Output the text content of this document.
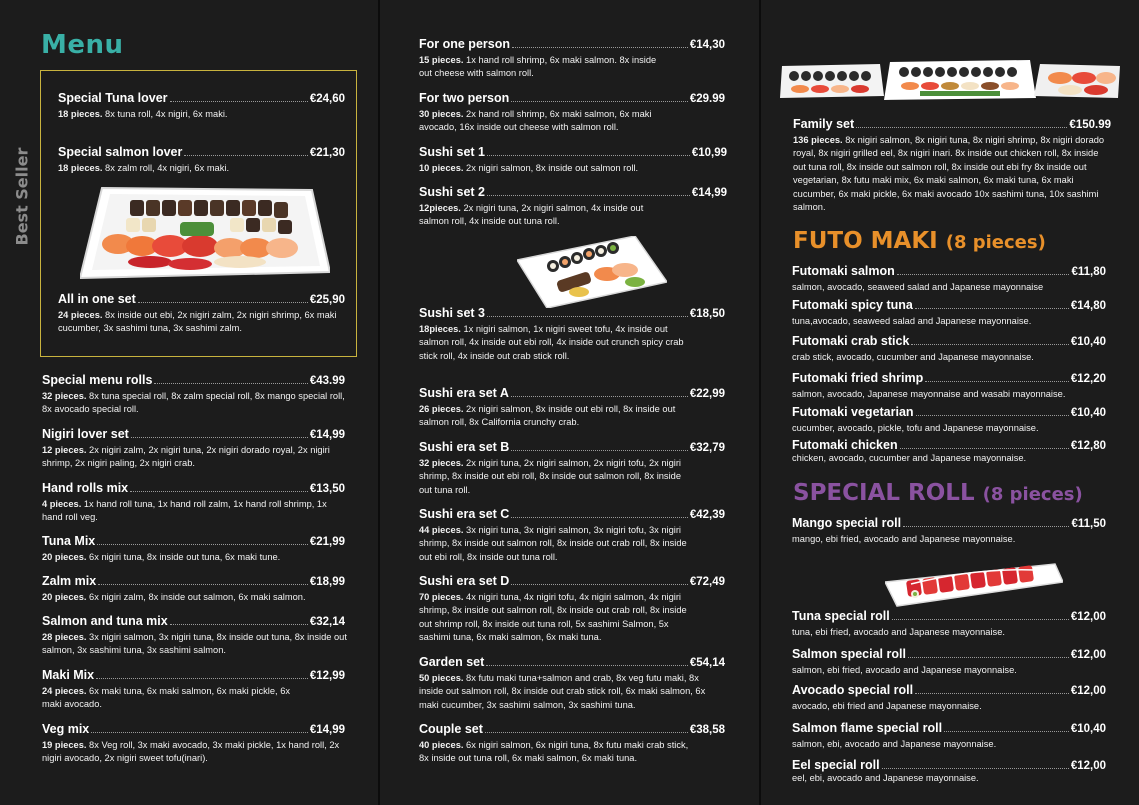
Menu
Best Seller
Special Tuna lover	€24,60
18 pieces. 8x tuna roll, 4x nigiri, 6x maki.
Special salmon lover	€21,30
18 pieces. 8x zalm roll, 4x nigiri, 6x maki.
All in one set	€25,90
24 pieces. 8x inside out ebi, 2x nigiri zalm, 2x nigiri shrimp, 6x maki cucumber, 3x sashimi tuna, 3x sashimi zalm.
Special menu rolls	€43.99
32 pieces. 8x tuna special roll, 8x zalm special roll, 8x mango special roll, 8x avocado special roll.
Nigiri lover set	€14,99
12 pieces. 2x nigiri zalm, 2x nigiri tuna, 2x nigiri dorado royal, 2x nigiri shrimp, 2x nigiri paling, 2x nigiri crab.
Hand rolls mix	€13,50
4 pieces. 1x hand roll tuna, 1x hand roll zalm, 1x hand roll shrimp, 1x hand roll veg.
Tuna Mix	€21,99
20 pieces. 6x nigiri tuna, 8x inside out tuna, 6x maki tune.
Zalm mix	€18,99
20 pieces. 6x nigiri zalm, 8x inside out salmon, 6x maki salmon.
Salmon and tuna mix	€32,14
28 pieces. 3x nigiri salmon, 3x nigiri tuna, 8x inside out tuna, 8x inside out salmon, 3x sashimi tuna, 3x sashimi salmon.
Maki Mix	€12,99
24 pieces. 6x maki tuna, 6x maki salmon, 6x maki pickle, 6x maki avocado.
Veg mix	€14,99
19 pieces. 8x Veg roll, 3x maki avocado, 3x maki pickle, 1x hand roll, 2x nigiri avocado, 2x nigiri sweet tofu(inari).
For one person	€14,30
15 pieces. 1x hand roll shrimp, 6x maki salmon. 8x inside out cheese with salmon roll.
For two person	€29.99
30 pieces. 2x hand roll shrimp, 6x maki salmon, 6x maki avocado, 16x inside out cheese with salmon roll.
Sushi set 1	€10,99
10 pieces. 2x nigiri salmon, 8x inside out salmon roll.
Sushi set 2	€14,99
12pieces. 2x nigiri tuna, 2x nigiri salmon, 4x inside out salmon roll, 4x inside out tuna roll.
Sushi set 3	€18,50
18pieces. 1x nigiri salmon, 1x nigiri sweet tofu, 4x inside out salmon roll, 4x inside out ebi roll, 4x inside out crunch spicy crab stick roll, 4x inside out crab stick roll.
Sushi era set A	€22,99
26 pieces. 2x nigiri salmon, 8x inside out ebi roll, 8x inside out salmon roll, 8x California crunchy crab.
Sushi era set B	€32,79
32 pieces. 2x nigiri tuna, 2x nigiri salmon, 2x nigiri tofu, 2x nigiri shrimp, 8x inside out ebi roll, 8x inside out salmon roll, 8x inside out tuna roll.
Sushi era set C	€42,39
44 pieces. 3x nigiri tuna, 3x nigiri salmon, 3x nigiri tofu, 3x nigiri shrimp, 8x inside out salmon roll, 8x inside out crab roll, 8x inside out ebi roll, 8x inside out tuna roll.
Sushi era set D	€72,49
70 pieces. 4x nigiri tuna, 4x nigiri tofu, 4x nigiri salmon, 4x nigiri shrimp, 8x inside out salmon roll, 8x inside out crab roll, 8x inside out shrimp roll, 8x inside out tuna roll, 5x sashimi Salmon, 5x sashimi tuna, 6x maki salmon, 6x maki tuna.
Garden set	€54,14
50 pieces. 8x futu maki tuna+salmon and crab, 8x veg futu maki, 8x inside out salmon roll, 8x inside out crab stick roll, 6x maki salmon, 6x maki cucumber, 3x sashimi salmon, 3x sashimi tuna.
Couple set	€38,58
40 pieces. 6x nigiri salmon, 6x nigiri tuna, 8x futu maki crab stick, 8x inside out tuna roll, 6x maki salmon, 6x maki tuna.
Family set	€150.99
136 pieces. 8x nigiri salmon, 8x nigiri tuna, 8x nigiri shrimp, 8x nigiri dorado royal, 8x nigiri grilled eel, 8x nigiri inari. 8x inside out chicken roll, 8x inside out tuna roll, 8x inside out salmon roll, 8x inside out ebi fry 8x inside out vegetarian, 8x futu maki mix, 6x maki salmon, 6x maki tuna, 6x maki cucumber, 6x maki pickle, 6x maki avocado 10x sashimi tuna, 10x sashimi salmon.
FUTO MAKI (8 pieces)
Futomaki salmon	€11,80
salmon, avocado, seaweed salad and Japanese mayonnaise
Futomaki spicy tuna	€14,80
tuna,avocado, seaweed salad and Japanese mayonnaise.
Futomaki crab stick	€10,40
crab stick, avocado, cucumber and Japanese mayonnaise.
Futomaki fried shrimp	€12,20
salmon, avocado, Japanese mayonnaise and wasabi mayonnaise.
Futomaki vegetarian	€10,40
cucumber, avocado, pickle, tofu and Japanese mayonnaise.
Futomaki chicken	€12,80
chicken, avocado, cucumber and Japanese mayonnaise.
SPECIAL ROLL (8 pieces)
Mango special roll	€11,50
mango, ebi fried, avocado and Japanese mayonnaise.
Tuna special roll	€12,00
tuna, ebi fried, avocado and Japanese mayonnaise.
Salmon special roll	€12,00
salmon, ebi fried, avocado and Japanese mayonnaise.
Avocado special roll	€12,00
avocado, ebi fried and Japanese mayonnaise.
Salmon flame special roll	€10,40
salmon, ebi, avocado and Japanese mayonnaise.
Eel special roll	€12,00
eel, ebi, avocado and Japanese mayonnaise.
